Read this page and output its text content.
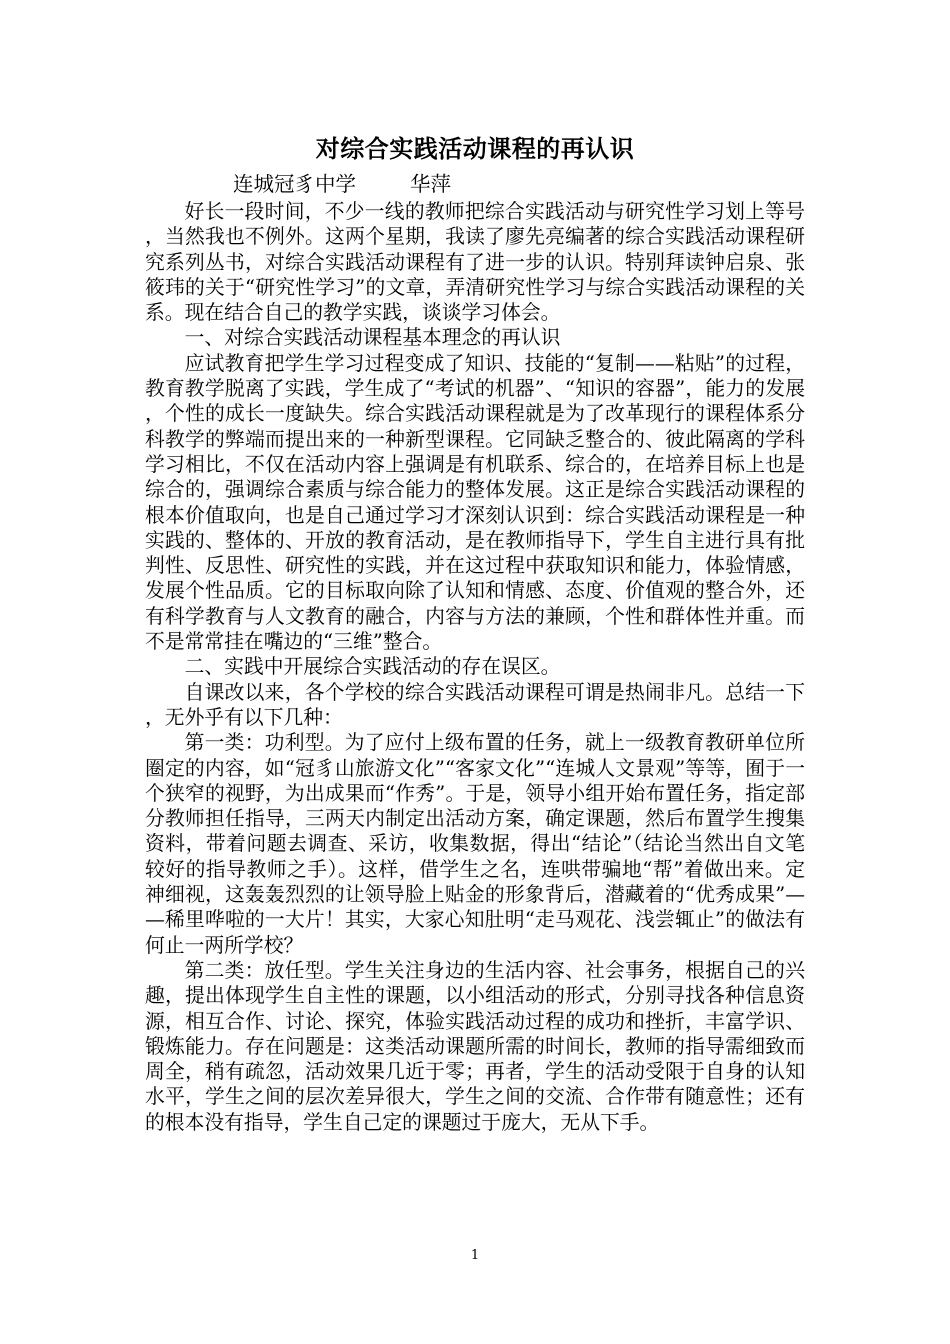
对综合实践活动课程的再认识
连城冠豸中学	华萍

好长一段时间，不少一线的教师把综合实践活动与研究性学习划上等号，当然我也不例外。这两个星期，我读了廖先亮编著的综合实践活动课程研究系列丛书，对综合实践活动课程有了进一步的认识。特别拜读钟启泉、张筱玮的关于“研究性学习”的文章，弄清研究性学习与综合实践活动课程的关系。现在结合自己的教学实践，谈谈学习体会。

一、对综合实践活动课程基本理念的再认识

应试教育把学生学习过程变成了知识、技能的“复制——粘贴”的过程，教育教学脱离了实践，学生成了“考试的机器”、“知识的容器”，能力的发展，个性的成长一度缺失。综合实践活动课程就是为了改革现行的课程体系分科教学的弊端而提出来的一种新型课程。它同缺乏整合的、彼此隔离的学科学习相比，不仅在活动内容上强调是有机联系、综合的，在培养目标上也是综合的，强调综合素质与综合能力的整体发展。这正是综合实践活动课程的根本价值取向，也是自己通过学习才深刻认识到：综合实践活动课程是一种实践的、整体的、开放的教育活动，是在教师指导下，学生自主进行具有批判性、反思性、研究性的实践，并在这过程中获取知识和能力，体验情感，发展个性品质。它的目标取向除了认知和情感、态度、价值观的整合外，还有科学教育与人文教育的融合，内容与方法的兼顾，个性和群体性并重。而不是常常挂在嘴边的“三维”整合。

二、实践中开展综合实践活动的存在误区。

自课改以来，各个学校的综合实践活动课程可谓是热闹非凡。总结一下，无外乎有以下几种：

第一类：功利型。为了应付上级布置的任务，就上一级教育教研单位所圈定的内容，如“冠豸山旅游文化”“客家文化”“连城人文景观”等等，囿于一个狭窄的视野，为出成果而“作秀”。于是，领导小组开始布置任务，指定部分教师担任指导，三两天内制定出活动方案，确定课题，然后布置学生搜集资料，带着问题去调查、采访，收集数据，得出“结论”（结论当然出自文笔较好的指导教师之手）。这样，借学生之名，连哄带骗地“帮”着做出来。定神细视，这轰轰烈烈的让领导脸上贴金的形象背后，潜藏着的“优秀成果”——稀里哗啦的一大片！其实，大家心知肚明“走马观花、浅尝辄止”的做法有何止一两所学校？

第二类：放任型。学生关注身边的生活内容、社会事务，根据自己的兴趣，提出体现学生自主性的课题，以小组活动的形式，分别寻找各种信息资源，相互合作、讨论、探究，体验实践活动过程的成功和挫折，丰富学识、锻炼能力。存在问题是：这类活动课题所需的时间长，教师的指导需细致而周全，稍有疏忽，活动效果几近于零；再者，学生的活动受限于自身的认知水平，学生之间的层次差异很大，学生之间的交流、合作带有随意性；还有的根本没有指导，学生自己定的课题过于庞大，无从下手。

1
